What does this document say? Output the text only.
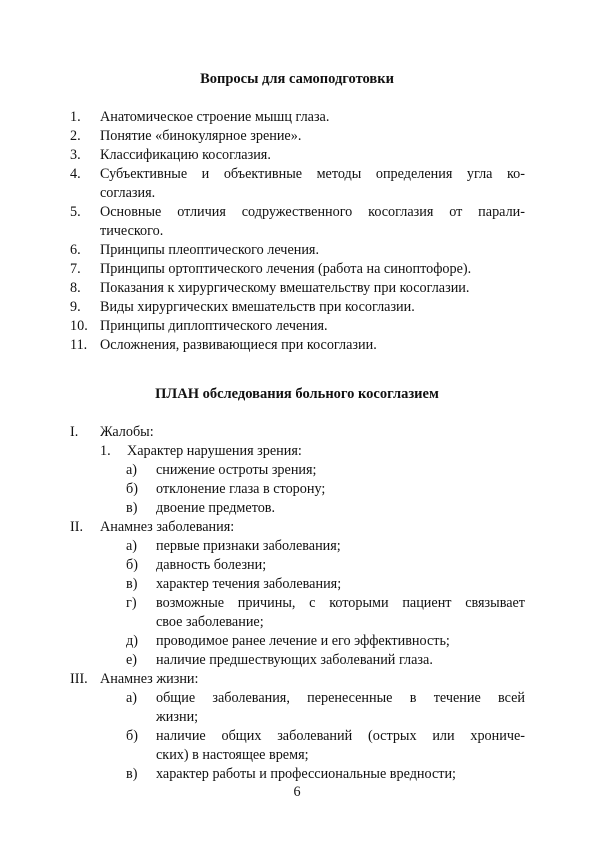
Вопросы для самоподготовки
1. Анатомическое строение мышц глаза.
2. Понятие «бинокулярное зрение».
3. Классификацию косоглазия.
4. Субъективные и объективные методы определения угла ко-
соглазия.
5. Основные отличия содружественного косоглазия от парали-
тического.
6. Принципы плеоптического лечения.
7. Принципы ортоптического лечения (работа на синоптофоре).
8. Показания к хирургическому вмешательству при косоглазии.
9. Виды хирургических вмешательств при косоглазии.
10. Принципы диплоптического лечения.
11. Осложнения, развивающиеся при косоглазии.
ПЛАН обследования больного косоглазием
I. Жалобы:
1. Характер нарушения зрения:
а) снижение остроты зрения;
б) отклонение глаза в сторону;
в) двоение предметов.
II. Анамнез заболевания:
а) первые признаки заболевания;
б) давность болезни;
в) характер течения заболевания;
г) возможные причины, с которыми пациент связывает
свое заболевание;
д) проводимое ранее лечение и его эффективность;
е) наличие предшествующих заболеваний глаза.
III. Анамнез жизни:
а) общие заболевания, перенесенные в течение всей
жизни;
б) наличие общих заболеваний (острых или хрониче-
ских) в настоящее время;
в) характер работы и профессиональные вредности;
6
